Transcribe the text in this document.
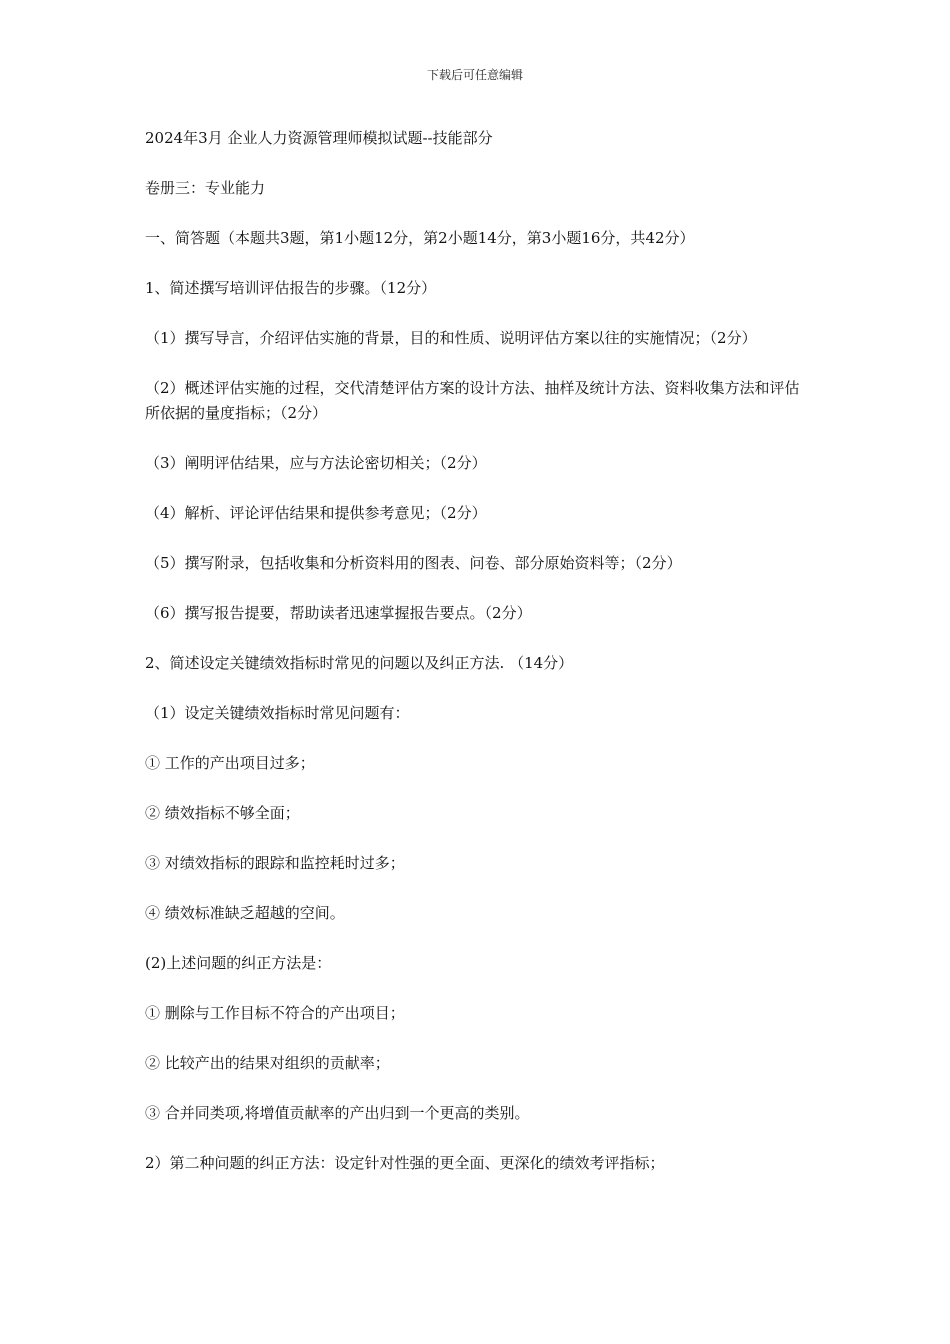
下载后可任意编辑

2024年3月 企业人力资源管理师模拟试题--技能部分

卷册三：专业能力

一、简答题（本题共3题，第1小题12分，第2小题14分，第3小题16分，共42分）

1、简述撰写培训评估报告的步骤。（12分）

（1）撰写导言，介绍评估实施的背景，目的和性质、说明评估方案以往的实施情况；（2分）

（2）概述评估实施的过程，交代清楚评估方案的设计方法、抽样及统计方法、资料收集方法和评估所依据的量度指标；（2分）

（3）阐明评估结果，应与方法论密切相关；（2分）

（4）解析、评论评估结果和提供参考意见；（2分）

（5）撰写附录，包括收集和分析资料用的图表、问卷、部分原始资料等；（2分）

（6）撰写报告提要，帮助读者迅速掌握报告要点。（2分）

2、简述设定关键绩效指标时常见的问题以及纠正方法. （14分）

（1）设定关键绩效指标时常见问题有：

① 工作的产出项目过多；

② 绩效指标不够全面；

③ 对绩效指标的跟踪和监控耗时过多；

④ 绩效标准缺乏超越的空间。

(2)上述问题的纠正方法是：

① 删除与工作目标不符合的产出项目；

② 比较产出的结果对组织的贡献率；

③ 合并同类项,将增值贡献率的产出归到一个更高的类别。

2）第二种问题的纠正方法：设定针对性强的更全面、更深化的绩效考评指标；
